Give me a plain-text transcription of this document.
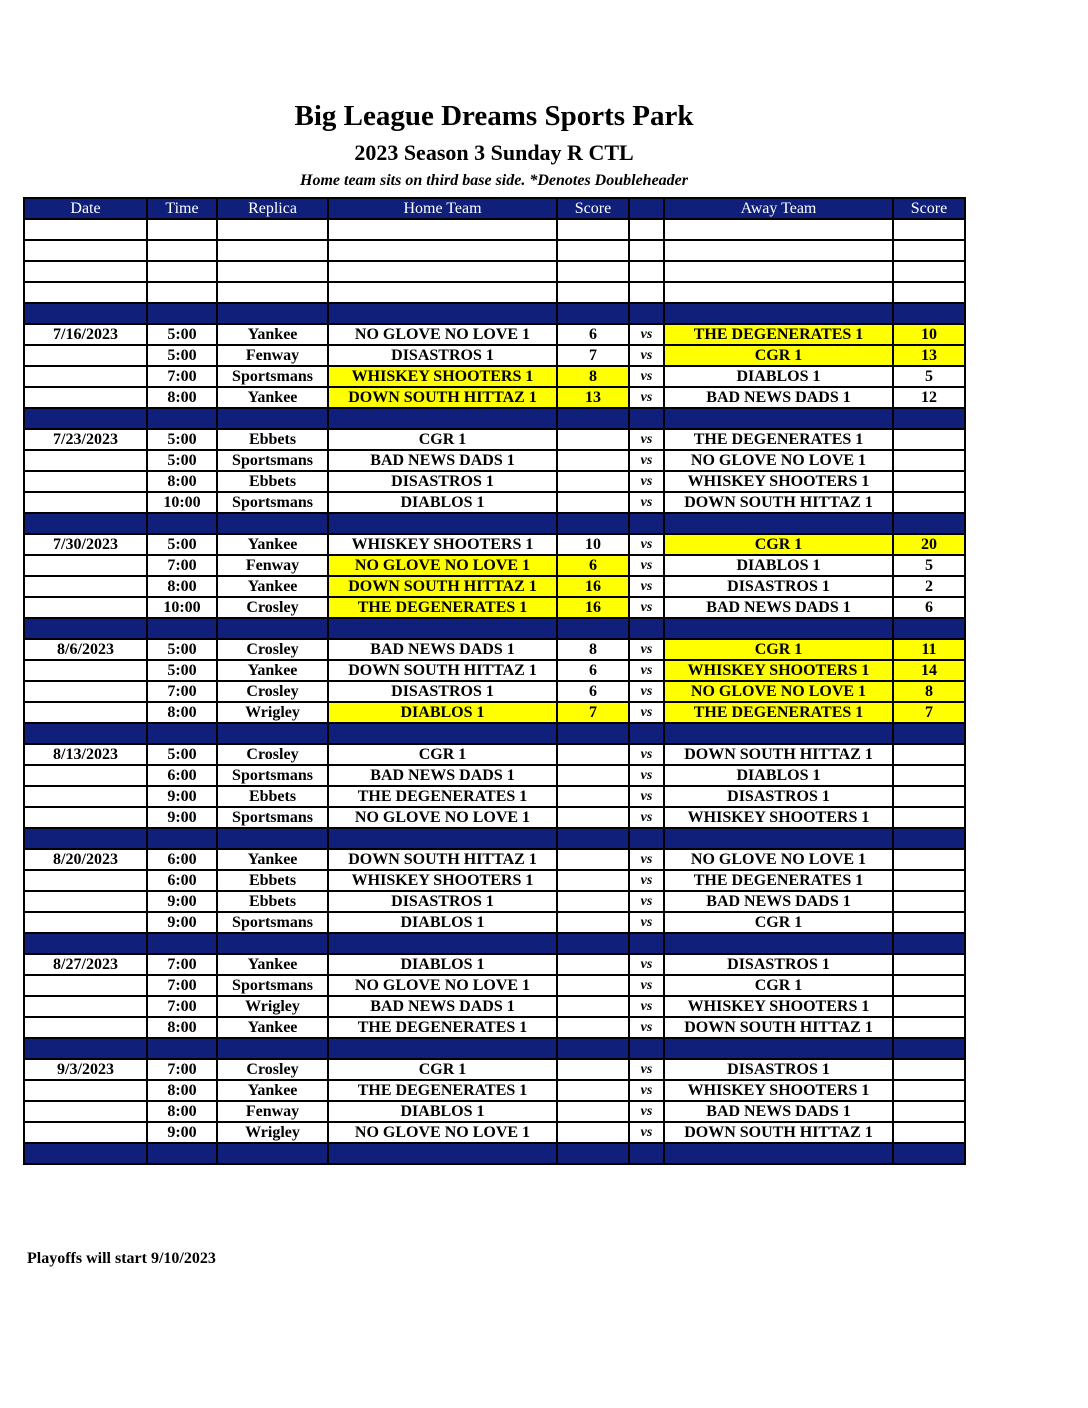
Big League Dreams Sports Park
2023 Season 3 Sunday R CTL
Home team sits on third base side. *Denotes Doubleheader
Date	Time	Replica	Home Team	Score		Away Team	Score

7/16/2023	5:00	Yankee	NO GLOVE NO LOVE 1	6	vs	THE DEGENERATES 1	10
	5:00	Fenway	DISASTROS 1	7	vs	CGR 1	13
	7:00	Sportsmans	WHISKEY SHOOTERS 1	8	vs	DIABLOS 1	5
	8:00	Yankee	DOWN SOUTH HITTAZ 1	13	vs	BAD NEWS DADS 1	12

7/23/2023	5:00	Ebbets	CGR 1		vs	THE DEGENERATES 1	
	5:00	Sportsmans	BAD NEWS DADS 1		vs	NO GLOVE NO LOVE 1	
	8:00	Ebbets	DISASTROS 1		vs	WHISKEY SHOOTERS 1	
	10:00	Sportsmans	DIABLOS 1		vs	DOWN SOUTH HITTAZ 1	

7/30/2023	5:00	Yankee	WHISKEY SHOOTERS 1	10	vs	CGR 1	20
	7:00	Fenway	NO GLOVE NO LOVE 1	6	vs	DIABLOS 1	5
	8:00	Yankee	DOWN SOUTH HITTAZ 1	16	vs	DISASTROS 1	2
	10:00	Crosley	THE DEGENERATES 1	16	vs	BAD NEWS DADS 1	6

8/6/2023	5:00	Crosley	BAD NEWS DADS 1	8	vs	CGR 1	11
	5:00	Yankee	DOWN SOUTH HITTAZ 1	6	vs	WHISKEY SHOOTERS 1	14
	7:00	Crosley	DISASTROS 1	6	vs	NO GLOVE NO LOVE 1	8
	8:00	Wrigley	DIABLOS 1	7	vs	THE DEGENERATES 1	7

8/13/2023	5:00	Crosley	CGR 1		vs	DOWN SOUTH HITTAZ 1	
	6:00	Sportsmans	BAD NEWS DADS 1		vs	DIABLOS 1	
	9:00	Ebbets	THE DEGENERATES 1		vs	DISASTROS 1	
	9:00	Sportsmans	NO GLOVE NO LOVE 1		vs	WHISKEY SHOOTERS 1	

8/20/2023	6:00	Yankee	DOWN SOUTH HITTAZ 1		vs	NO GLOVE NO LOVE 1	
	6:00	Ebbets	WHISKEY SHOOTERS 1		vs	THE DEGENERATES 1	
	9:00	Ebbets	DISASTROS 1		vs	BAD NEWS DADS 1	
	9:00	Sportsmans	DIABLOS 1		vs	CGR 1	

8/27/2023	7:00	Yankee	DIABLOS 1		vs	DISASTROS 1	
	7:00	Sportsmans	NO GLOVE NO LOVE 1		vs	CGR 1	
	7:00	Wrigley	BAD NEWS DADS 1		vs	WHISKEY SHOOTERS 1	
	8:00	Yankee	THE DEGENERATES 1		vs	DOWN SOUTH HITTAZ 1	

9/3/2023	7:00	Crosley	CGR 1		vs	DISASTROS 1	
	8:00	Yankee	THE DEGENERATES 1		vs	WHISKEY SHOOTERS 1	
	8:00	Fenway	DIABLOS 1		vs	BAD NEWS DADS 1	
	9:00	Wrigley	NO GLOVE NO LOVE 1		vs	DOWN SOUTH HITTAZ 1	

Playoffs will start 9/10/2023
